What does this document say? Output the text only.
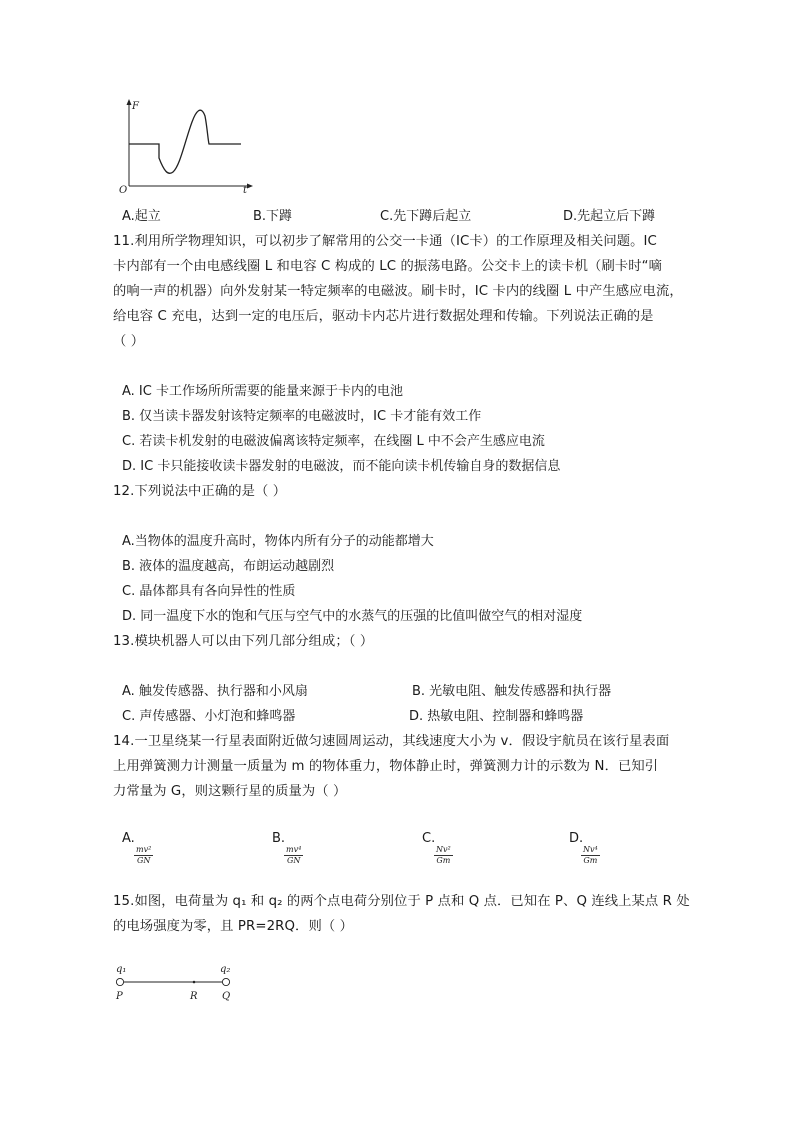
F
t
O
A.起立	B.下蹲	C.先下蹲后起立	D.先起立后下蹲
11.利用所学物理知识，可以初步了解常用的公交一卡通（IC卡）的工作原理及相关问题。IC
卡内部有一个由电感线圈 L 和电容 C 构成的 LC 的振荡电路。公交卡上的读卡机（刷卡时“嘀
的响一声的机器）向外发射某一特定频率的电磁波。刷卡时，IC 卡内的线圈 L 中产生感应电流，
给电容 C 充电，达到一定的电压后，驱动卡内芯片进行数据处理和传输。下列说法正确的是
（ ）
A. IC 卡工作场所所需要的能量来源于卡内的电池
B. 仅当读卡器发射该特定频率的电磁波时，IC 卡才能有效工作
C. 若读卡机发射的电磁波偏离该特定频率，在线圈 L 中不会产生感应电流
D. IC 卡只能接收读卡器发射的电磁波，而不能向读卡机传输自身的数据信息
12.下列说法中正确的是（ ）
A.当物体的温度升高时，物体内所有分子的动能都增大
B. 液体的温度越高，布朗运动越剧烈
C. 晶体都具有各向异性的性质
D. 同一温度下水的饱和气压与空气中的水蒸气的压强的比值叫做空气的相对湿度
13.模块机器人可以由下列几部分组成；（ ）
A. 触发传感器、执行器和小风扇	B. 光敏电阻、触发传感器和执行器
C. 声传感器、小灯泡和蜂鸣器	D. 热敏电阻、控制器和蜂鸣器
14.一卫星绕某一行星表面附近做匀速圆周运动，其线速度大小为 v．假设宇航员在该行星表面
上用弹簧测力计测量一质量为 m 的物体重力，物体静止时，弹簧测力计的示数为 N．已知引
力常量为 G，则这颗行星的质量为（ ）
A.
$\frac{\text{mv²}}{GN}$
B.
$\frac{\text{mv⁴}}{GN}$
C.
$\frac{\text{Nv²}}{Gm}$
D.
$\frac{\text{Nv⁴}}{Gm}$
15.如图，电荷量为 q₁ 和 q₂ 的两个点电荷分别位于 P 点和 Q 点．已知在 P、Q 连线上某点 R 处
的电场强度为零，且 PR=2RQ．则（ ）
q₁	q₂
P	R Q
